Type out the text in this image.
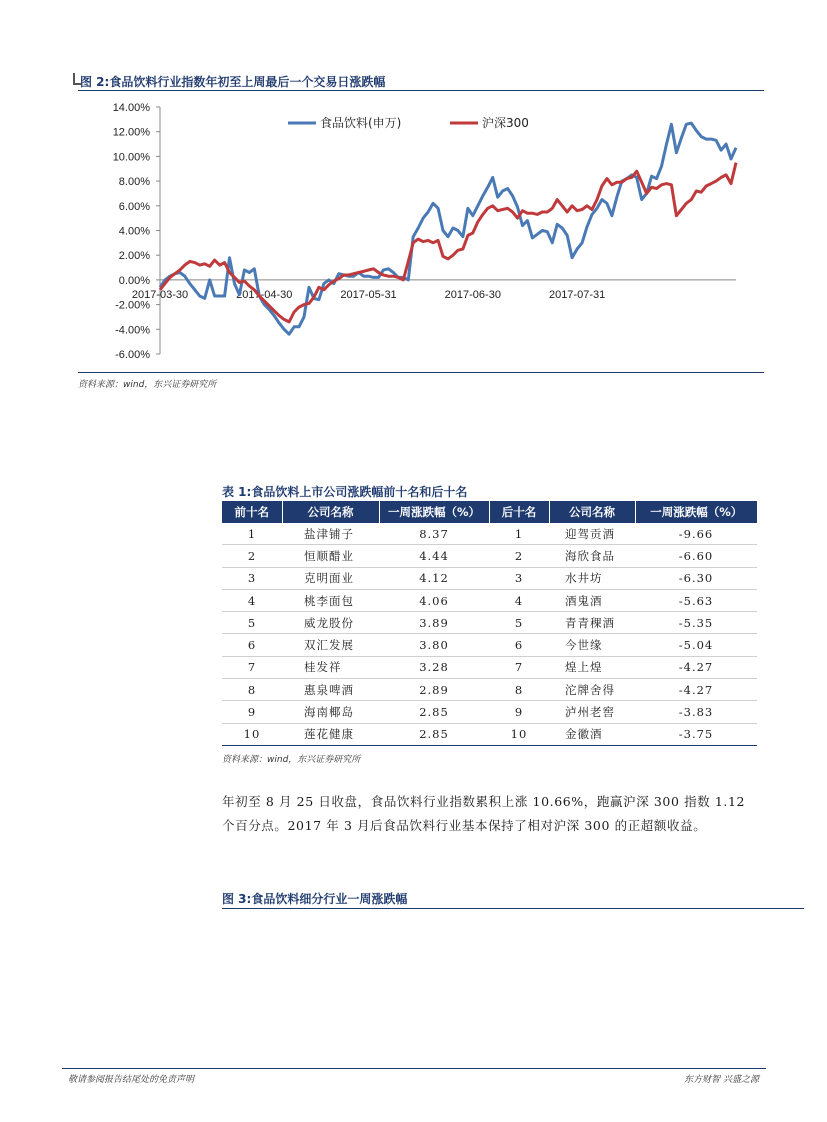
图 2:食品饮料行业指数年初至上周最后一个交易日涨跌幅
14.00%
12.00%
10.00%
8.00%
6.00%
4.00%
2.00%
0.00%
-2.00%
-4.00%
-6.00%
2017-03-30	2017-04-30	2017-05-31	2017-06-30	2017-07-31
食品饮料(申万)	沪深300
资料来源：wind，东兴证券研究所
表 1:食品饮料上市公司涨跌幅前十名和后十名
前十名	公司名称	一周涨跌幅（%）	后十名	公司名称	一周涨跌幅（%）
1	盐津铺子	8.37	1	迎驾贡酒	-9.66
2	恒顺醋业	4.44	2	海欣食品	-6.60
3	克明面业	4.12	3	水井坊	-6.30
4	桃李面包	4.06	4	酒鬼酒	-5.63
5	威龙股份	3.89	5	青青稞酒	-5.35
6	双汇发展	3.80	6	今世缘	-5.04
7	桂发祥	3.28	7	煌上煌	-4.27
8	惠泉啤酒	2.89	8	沱牌舍得	-4.27
9	海南椰岛	2.85	9	泸州老窖	-3.83
10	莲花健康	2.85	10	金徽酒	-3.75
资料来源：wind，东兴证券研究所
年初至 8 月 25 日收盘，食品饮料行业指数累积上涨 10.66%，跑赢沪深 300 指数 1.12 个百分点。2017 年 3 月后食品饮料行业基本保持了相对沪深 300 的正超额收益。
图 3:食品饮料细分行业一周涨跌幅
敬请参阅报告结尾处的免责声明	东方财智 兴盛之源
